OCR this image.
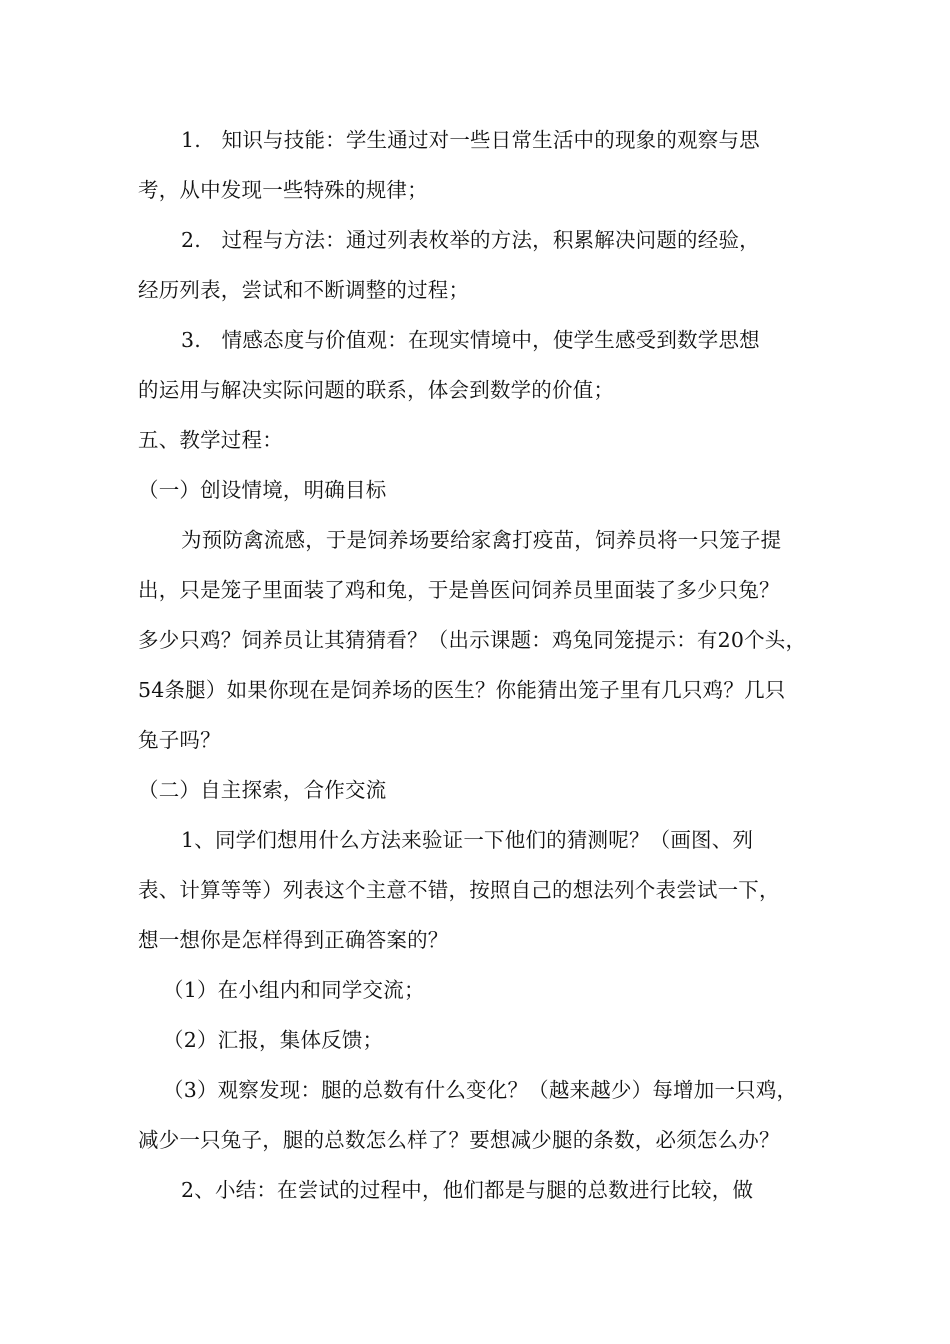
1.　知识与技能：学生通过对一些日常生活中的现象的观察与思
考，从中发现一些特殊的规律；
2.　过程与方法：通过列表枚举的方法，积累解决问题的经验，
经历列表，尝试和不断调整的过程；
3.　情感态度与价值观：在现实情境中，使学生感受到数学思想
的运用与解决实际问题的联系，体会到数学的价值；
五、教学过程：
（一）创设情境，明确目标
为预防禽流感，于是饲养场要给家禽打疫苗，饲养员将一只笼子提
出，只是笼子里面装了鸡和兔，于是兽医问饲养员里面装了多少只兔？
多少只鸡？饲养员让其猜猜看？（出示课题：鸡兔同笼提示：有20个头，
54条腿）如果你现在是饲养场的医生？你能猜出笼子里有几只鸡？几只
兔子吗？
（二）自主探索，合作交流
1、同学们想用什么方法来验证一下他们的猜测呢？（画图、列
表、计算等等）列表这个主意不错，按照自己的想法列个表尝试一下，
想一想你是怎样得到正确答案的？
（1）在小组内和同学交流；
（2）汇报，集体反馈；
（3）观察发现：腿的总数有什么变化？（越来越少）每增加一只鸡，
减少一只兔子，腿的总数怎么样了？要想减少腿的条数，必须怎么办？
2、小结：在尝试的过程中，他们都是与腿的总数进行比较，做
